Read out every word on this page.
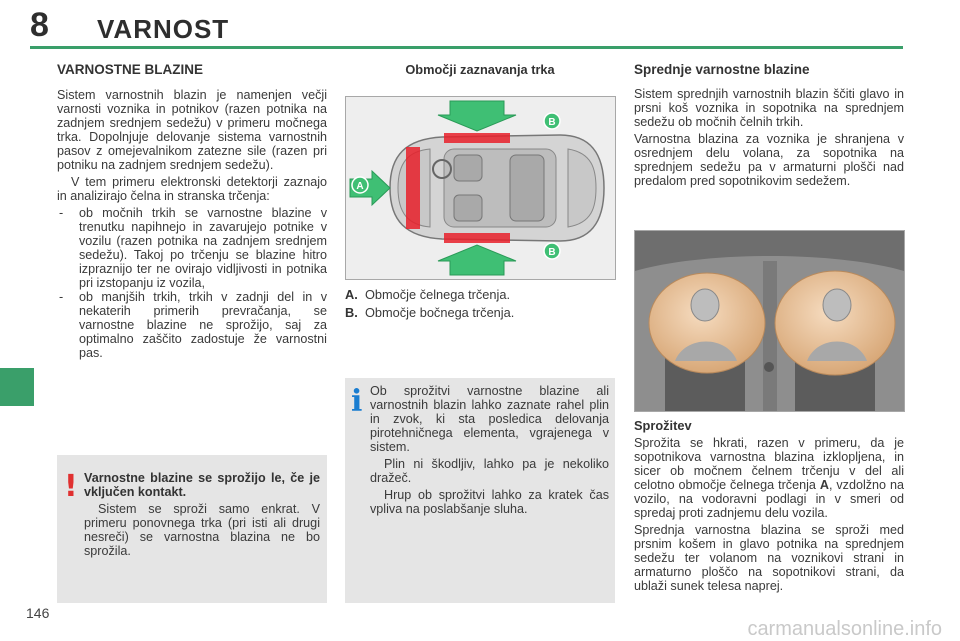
8 VARNOST
VARNOSTNE BLAZINE

Sistem varnostnih blazin je namenjen večji varnosti voznika in potnikov (razen potnika na zadnjem srednjem sedežu) v primeru močnega trka. Dopolnjuje delovanje sistema varnostnih pasov z omejevalnikom zatezne sile (razen pri potniku na zadnjem srednjem sedežu).

V tem primeru elektronski detektorji zaznajo in analizirajo čelna in stranska trčenja:

- ob močnih trkih se varnostne blazine v trenutku napihnejo in zavarujejo potnike v vozilu (razen potnika na zadnjem srednjem sedežu). Takoj po trčenju se blazine hitro izpraznijo ter ne ovirajo vidljivosti in potnika pri izstopanju iz vozila,
- ob manjših trkih, trkih v zadnji del in v nekaterih primerih prevračanja, se varnostne blazine ne sprožijo, saj za optimalno zaščito zadostuje že varnostni pas.
! Varnostne blazine se sprožijo le, če je vključen kontakt.

Sistem se sproži samo enkrat. V primeru ponovnega trka (pri isti ali drugi nesreči) se varnostna blazina ne bo sprožila.

Območji zaznavanja trka
A
B
B
A. Območje čelnega trčenja.
B. Območje bočnega trčenja.
i Ob sprožitvi varnostne blazine ali varnostnih blazin lahko zaznate rahel plin in zvok, ki sta posledica delovanja pirotehničnega elementa, vgrajenega v sistem.

Plin ni škodljiv, lahko pa je nekoliko dražeč.

Hrup ob sprožitvi lahko za kratek čas vpliva na poslabšanje sluha.

Sprednje varnostne blazine

Sistem sprednjih varnostnih blazin ščiti glavo in prsni koš voznika in sopotnika na sprednjem sedežu ob močnih čelnih trkih.

Varnostna blazina za voznika je shranjena v osrednjem delu volana, za sopotnika na sprednjem sedežu pa v armaturni plošči nad predalom pred sopotnikovim sedežem.

Sprožitev

Sprožita se hkrati, razen v primeru, da je sopotnikova varnostna blazina izklopljena, in sicer ob močnem čelnem trčenju v del ali celotno območje čelnega trčenja A, vzdolžno na vozilo, na vodoravni podlagi in v smeri od spredaj proti zadnjemu delu vozila.

Sprednja varnostna blazina se sproži med prsnim košem in glavo potnika na sprednjem sedežu ter volanom na voznikovi strani in armaturno ploščo na sopotnikovi strani, da ublaži sunek telesa naprej.

146
carmanualsonline.info
